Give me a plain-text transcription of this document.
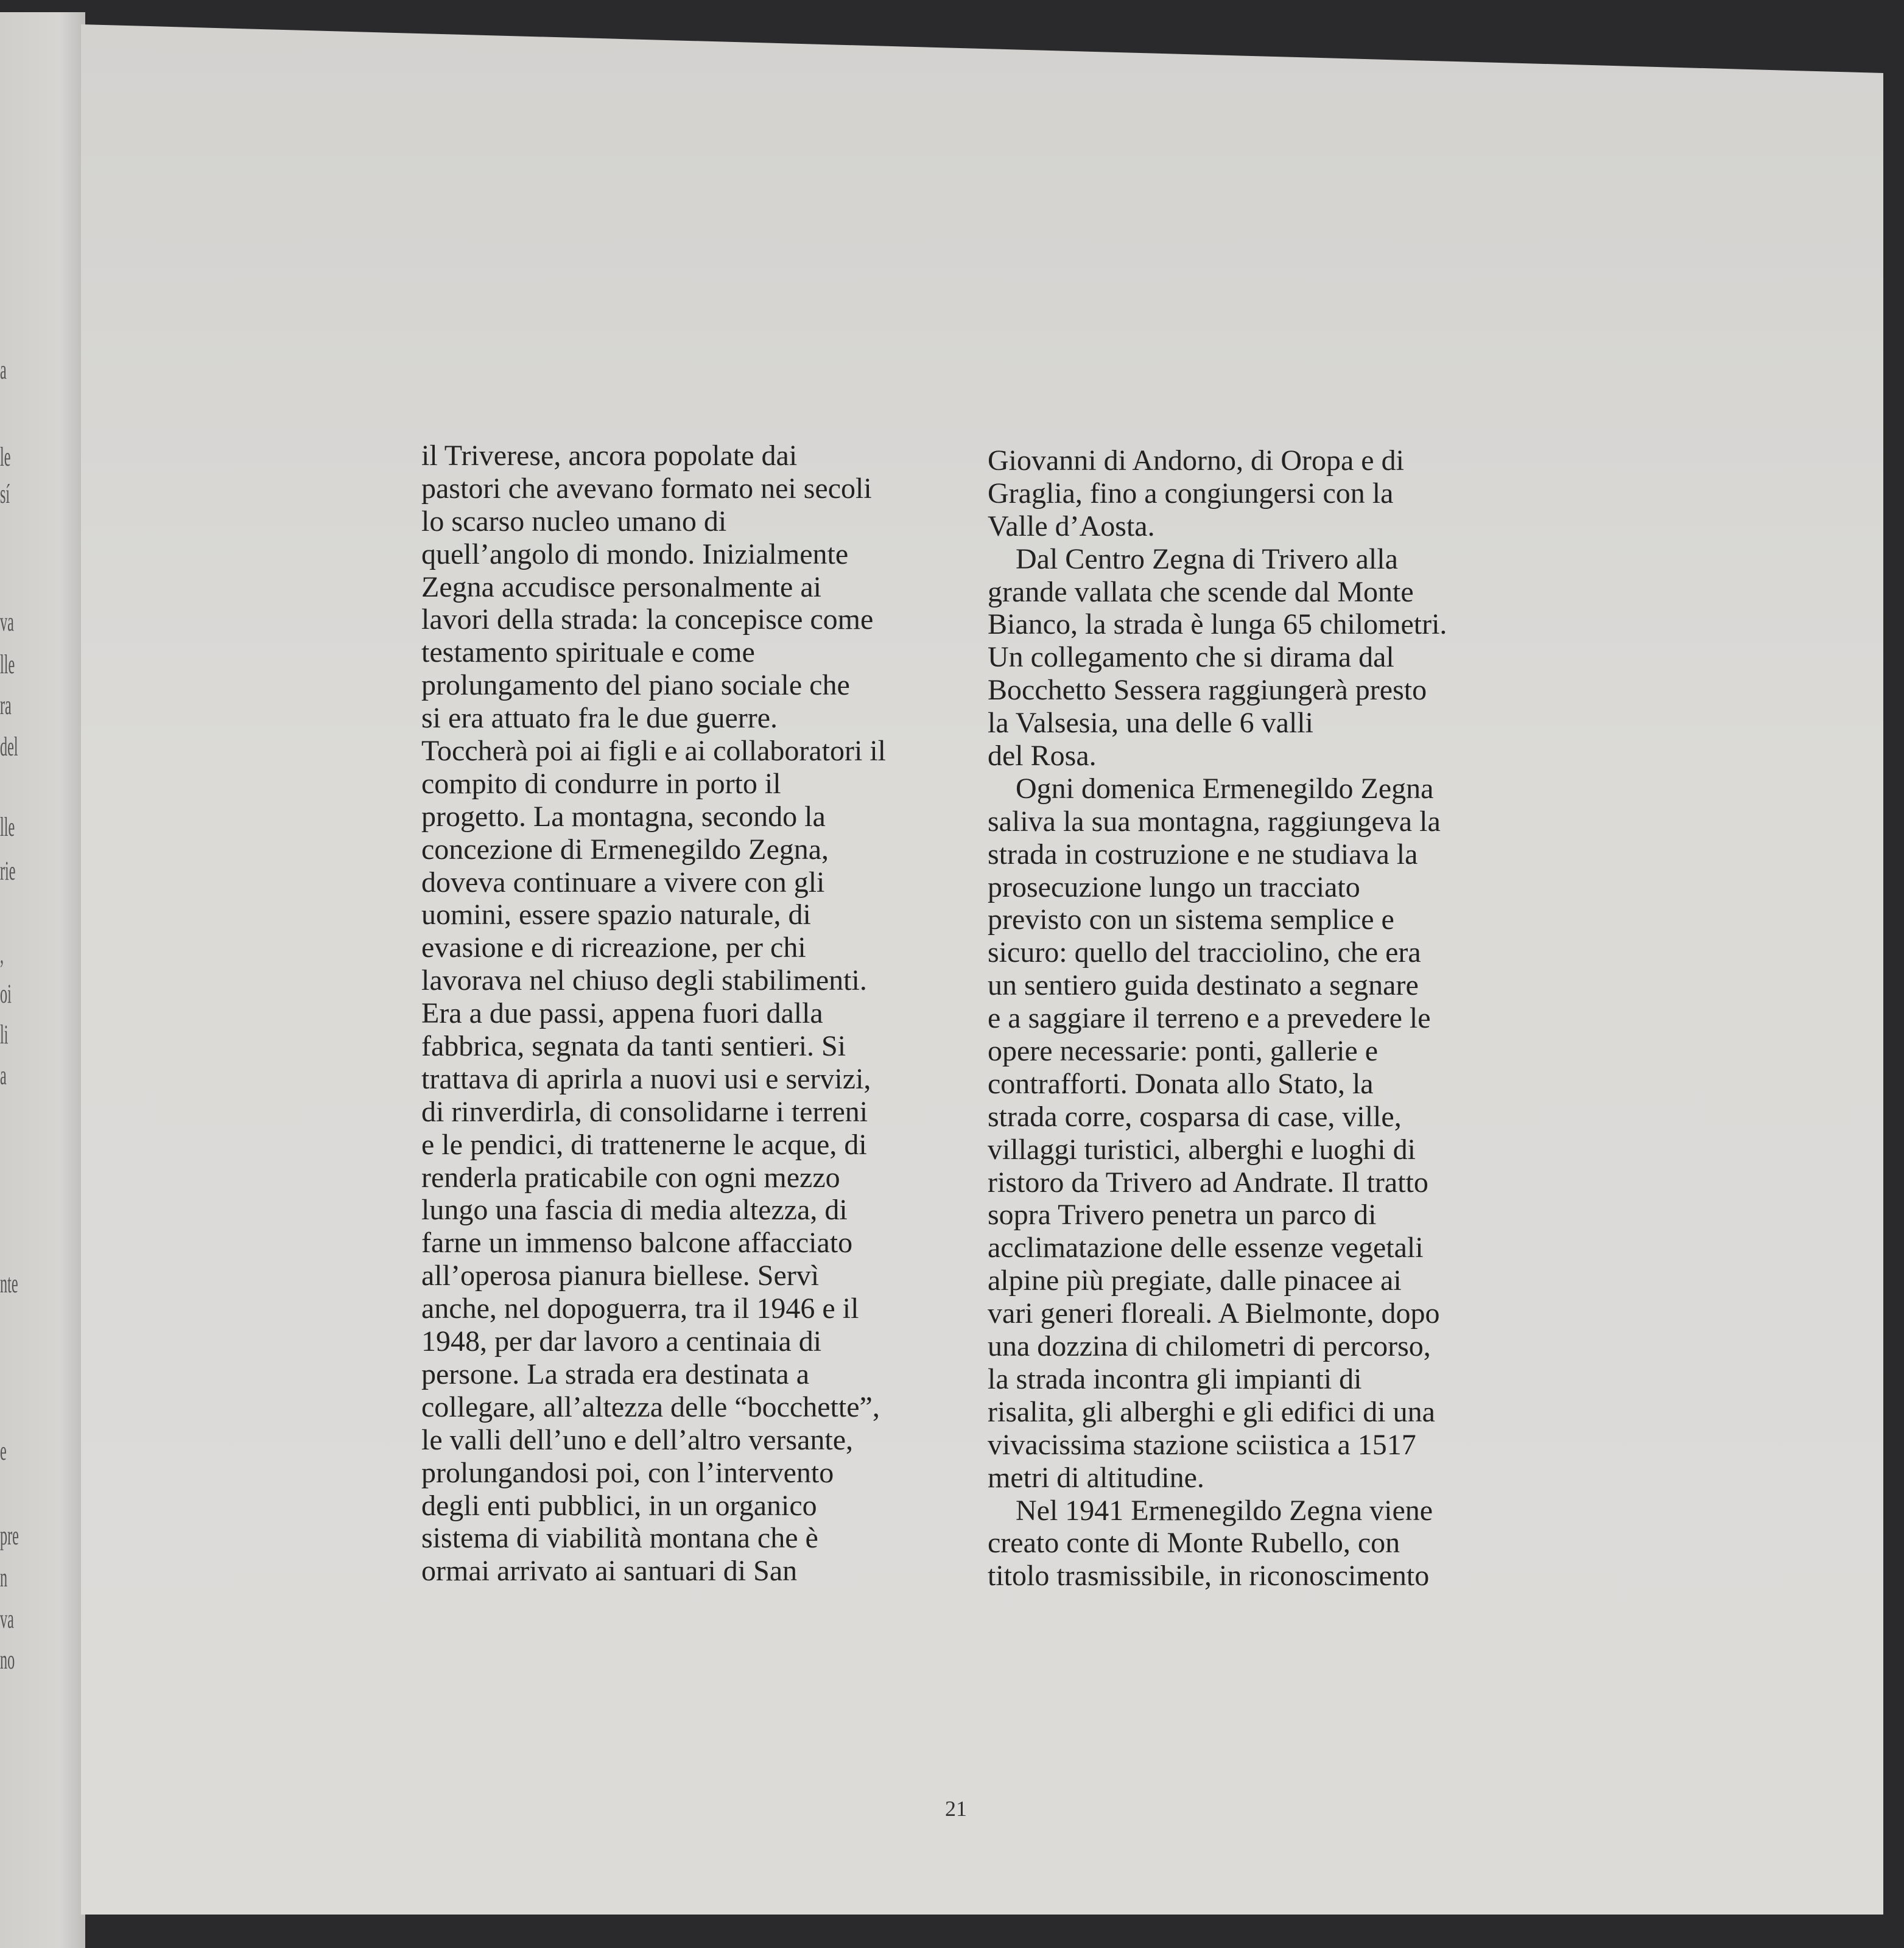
a
le
sí
va
lle
ra
del
lle
rie
,
oi
li
a
nte
e
pre
n
va
no
il Triverese, ancora popolate dai
pastori che avevano formato nei secoli
lo scarso nucleo umano di
quell’angolo di mondo. Inizialmente
Zegna accudisce personalmente ai
lavori della strada: la concepisce come
testamento spirituale e come
prolungamento del piano sociale che
si era attuato fra le due guerre.
Toccherà poi ai figli e ai collaboratori il
compito di condurre in porto il
progetto. La montagna, secondo la
concezione di Ermenegildo Zegna,
doveva continuare a vivere con gli
uomini, essere spazio naturale, di
evasione e di ricreazione, per chi
lavorava nel chiuso degli stabilimenti.
Era a due passi, appena fuori dalla
fabbrica, segnata da tanti sentieri. Si
trattava di aprirla a nuovi usi e servizi,
di rinverdirla, di consolidarne i terreni
e le pendici, di trattenerne le acque, di
renderla praticabile con ogni mezzo
lungo una fascia di media altezza, di
farne un immenso balcone affacciato
all’operosa pianura biellese. Servì
anche, nel dopoguerra, tra il 1946 e il
1948, per dar lavoro a centinaia di
persone. La strada era destinata a
collegare, all’altezza delle “bocchette”,
le valli dell’uno e dell’altro versante,
prolungandosi poi, con l’intervento
degli enti pubblici, in un organico
sistema di viabilità montana che è
ormai arrivato ai santuari di San
Giovanni di Andorno, di Oropa e di
Graglia, fino a congiungersi con la
Valle d’Aosta.
Dal Centro Zegna di Trivero alla
grande vallata che scende dal Monte
Bianco, la strada è lunga 65 chilometri.
Un collegamento che si dirama dal
Bocchetto Sessera raggiungerà presto
la Valsesia, una delle 6 valli
del Rosa.
Ogni domenica Ermenegildo Zegna
saliva la sua montagna, raggiungeva la
strada in costruzione e ne studiava la
prosecuzione lungo un tracciato
previsto con un sistema semplice e
sicuro: quello del tracciolino, che era
un sentiero guida destinato a segnare
e a saggiare il terreno e a prevedere le
opere necessarie: ponti, gallerie e
contrafforti. Donata allo Stato, la
strada corre, cosparsa di case, ville,
villaggi turistici, alberghi e luoghi di
ristoro da Trivero ad Andrate. Il tratto
sopra Trivero penetra un parco di
acclimatazione delle essenze vegetali
alpine più pregiate, dalle pinacee ai
vari generi floreali. A Bielmonte, dopo
una dozzina di chilometri di percorso,
la strada incontra gli impianti di
risalita, gli alberghi e gli edifici di una
vivacissima stazione sciistica a 1517
metri di altitudine.
Nel 1941 Ermenegildo Zegna viene
creato conte di Monte Rubello, con
titolo trasmissibile, in riconoscimento
21
